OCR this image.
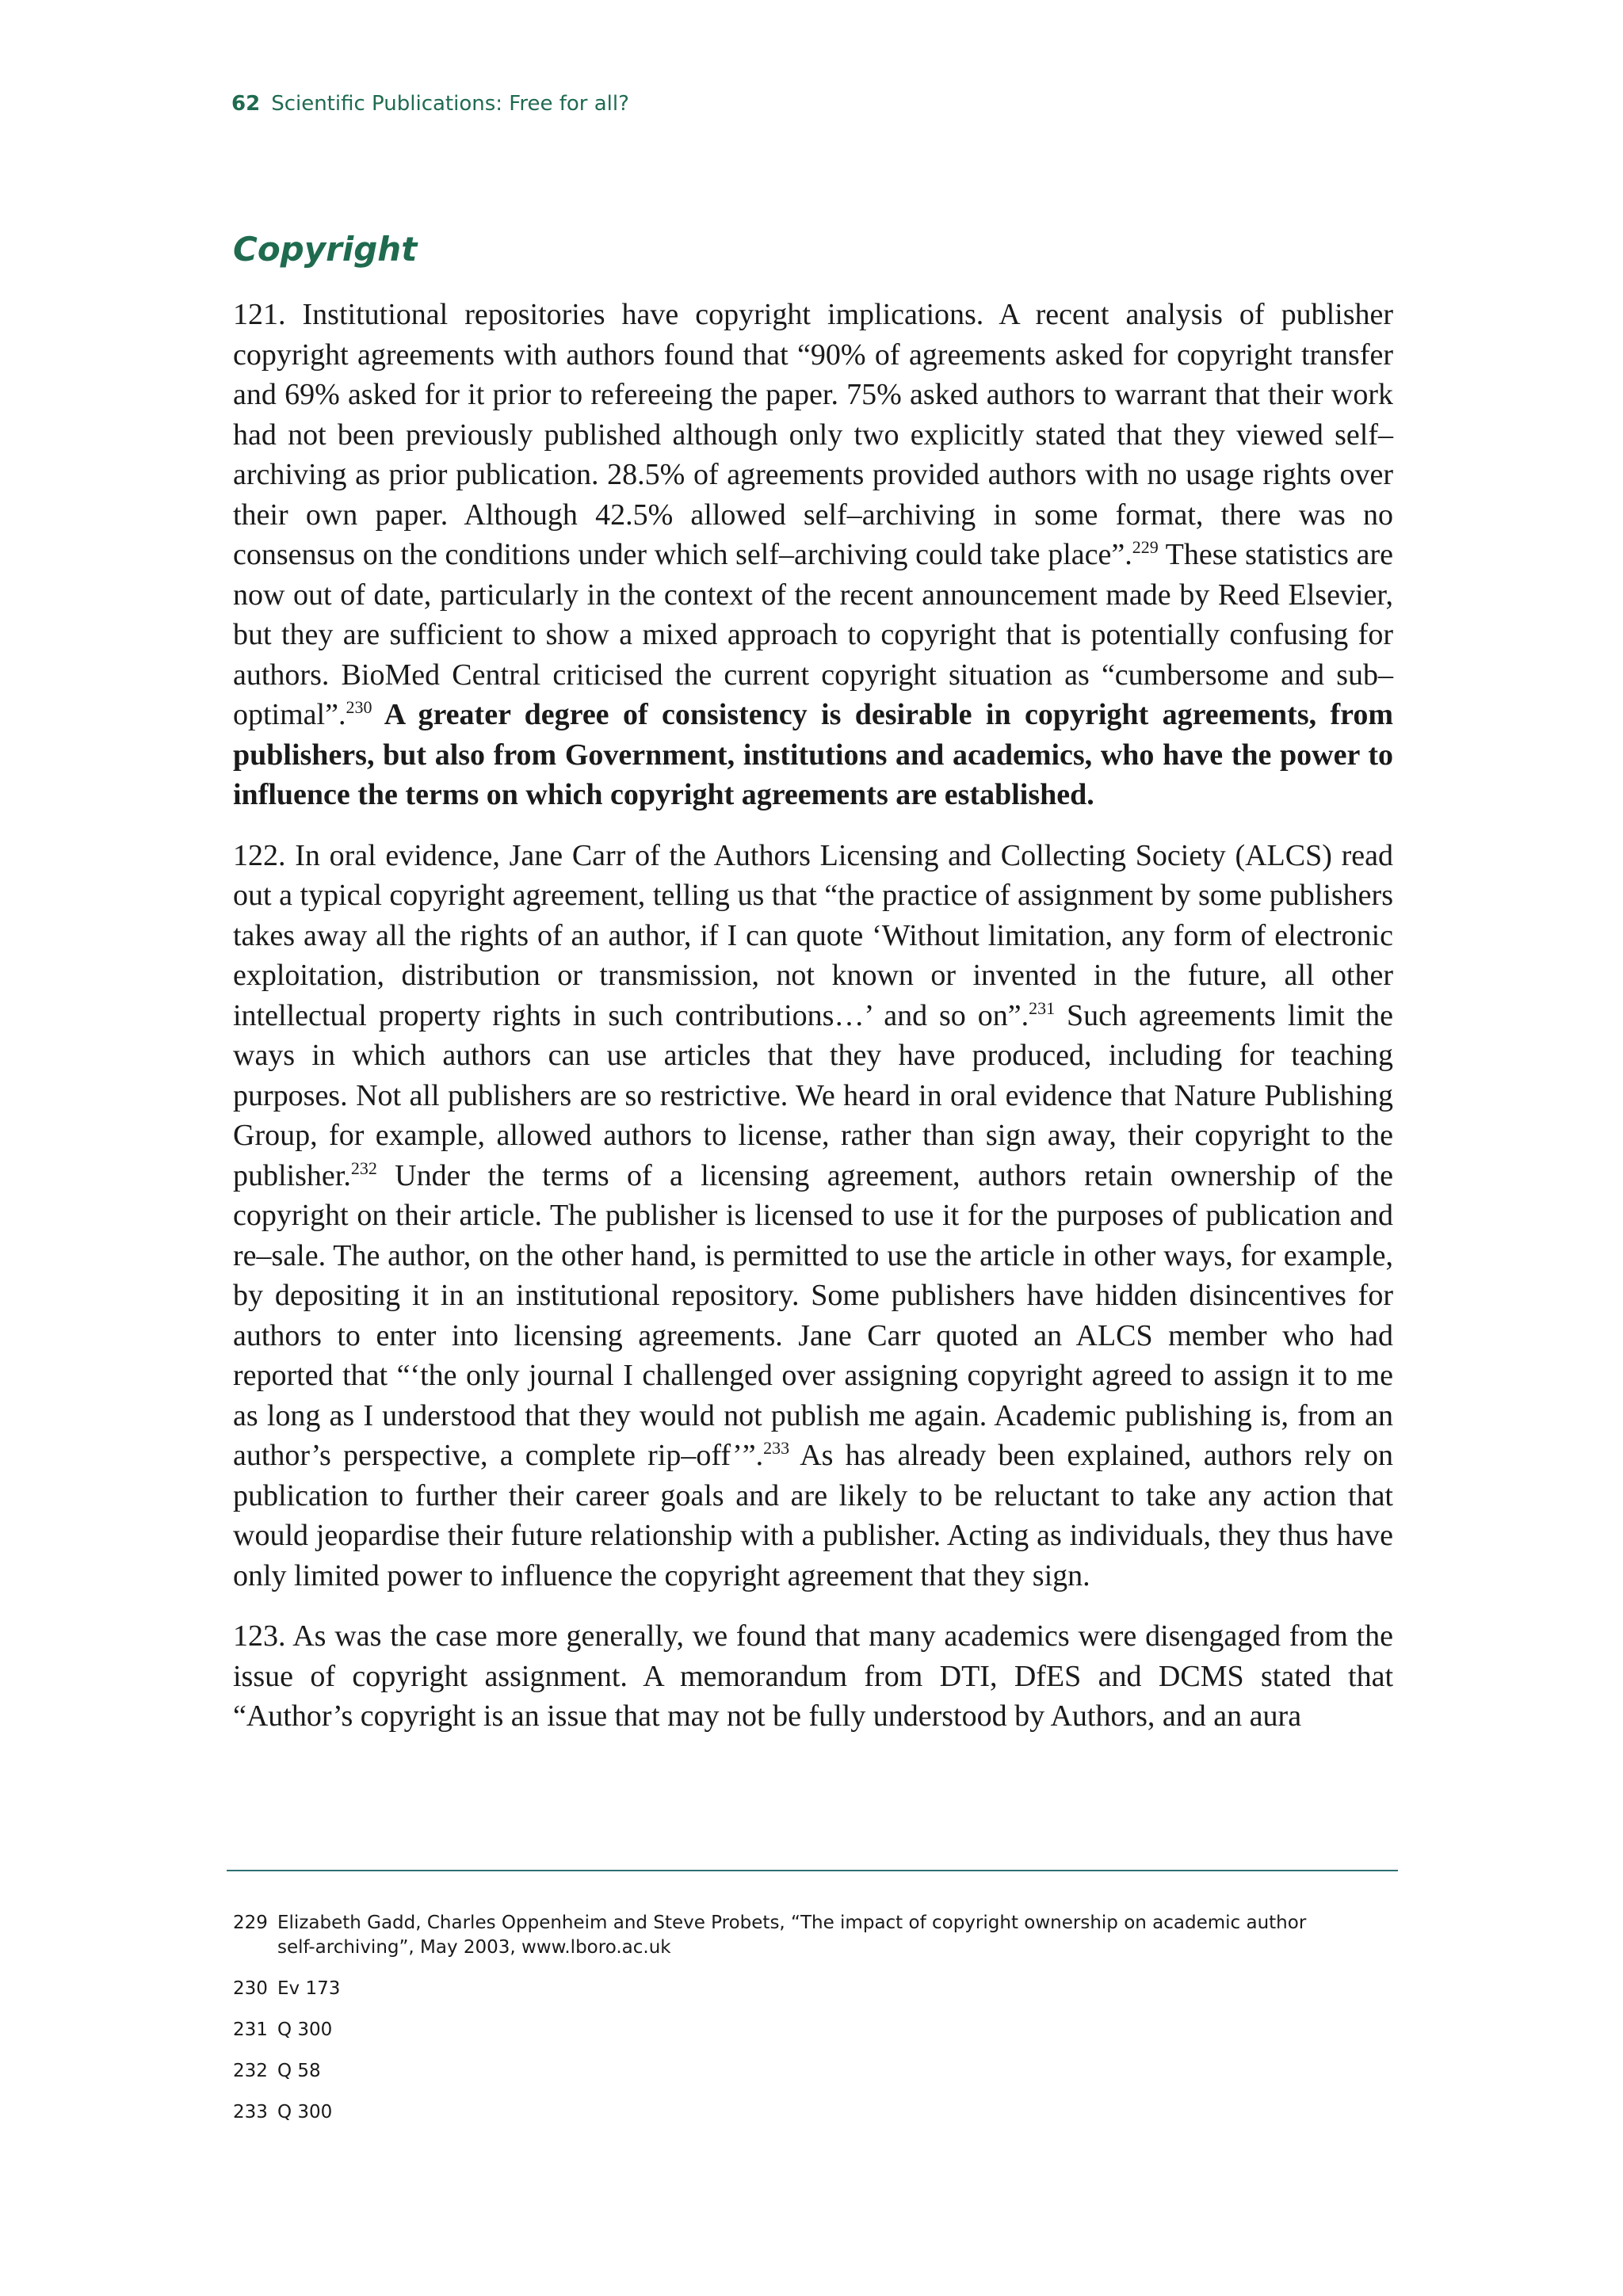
62 Scientific Publications: Free for all?
Copyright

121. Institutional repositories have copyright implications. A recent analysis of publisher copyright agreements with authors found that “90% of agreements asked for copyright transfer and 69% asked for it prior to refereeing the paper. 75% asked authors to warrant that their work had not been previously published although only two explicitly stated that they viewed self–archiving as prior publication. 28.5% of agreements provided authors with no usage rights over their own paper. Although 42.5% allowed self–archiving in some format, there was no consensus on the conditions under which self–archiving could take place”.$^{229}$ These statistics are now out of date, particularly in the context of the recent announcement made by Reed Elsevier, but they are sufficient to show a mixed approach to copyright that is potentially confusing for authors. BioMed Central criticised the current copyright situation as “cumbersome and sub–optimal”.$^{230}$ A greater degree of consistency is desirable in copyright agreements, from publishers, but also from Government, institutions and academics, who have the power to influence the terms on which copyright agreements are established.

122. In oral evidence, Jane Carr of the Authors Licensing and Collecting Society (ALCS) read out a typical copyright agreement, telling us that “the practice of assignment by some publishers takes away all the rights of an author, if I can quote ‘Without limitation, any form of electronic exploitation, distribution or transmission, not known or invented in the future, all other intellectual property rights in such contributions…’ and so on”.$^{231}$ Such agreements limit the ways in which authors can use articles that they have produced, including for teaching purposes. Not all publishers are so restrictive. We heard in oral evidence that Nature Publishing Group, for example, allowed authors to license, rather than sign away, their copyright to the publisher.$^{232}$ Under the terms of a licensing agreement, authors retain ownership of the copyright on their article. The publisher is licensed to use it for the purposes of publication and re–sale. The author, on the other hand, is permitted to use the article in other ways, for example, by depositing it in an institutional repository. Some publishers have hidden disincentives for authors to enter into licensing agreements. Jane Carr quoted an ALCS member who had reported that “‘the only journal I challenged over assigning copyright agreed to assign it to me as long as I understood that they would not publish me again. Academic publishing is, from an author’s perspective, a complete rip–off’”.$^{233}$ As has already been explained, authors rely on publication to further their career goals and are likely to be reluctant to take any action that would jeopardise their future relationship with a publisher. Acting as individuals, they thus have only limited power to influence the copyright agreement that they sign.

123. As was the case more generally, we found that many academics were disengaged from the issue of copyright assignment. A memorandum from DTI, DfES and DCMS stated that “Author’s copyright is an issue that may not be fully understood by Authors, and an aura

229 Elizabeth Gadd, Charles Oppenheim and Steve Probets, “The impact of copyright ownership on academic author self-archiving”, May 2003, www.lboro.ac.uk
230 Ev 173
231 Q 300
232 Q 58
233 Q 300
